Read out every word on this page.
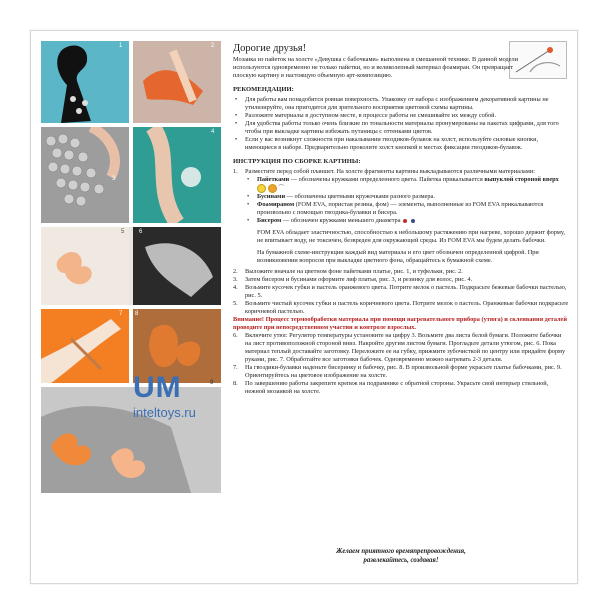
1	2
4
5 6
7 8
UM
inteltoys.ru
Дорогие друзья!

Мозаика из пайеток на холсте «Девушка с бабочками» выполнена в смешанной технике. В данной модели используются одновременно не только пайетки, но и великолепный материал фоамиран. Он превращает плоскую картину в настоящую объемную арт-композицию.

РЕКОМЕНДАЦИИ:
• Для работы вам понадобится ровная поверхность. Упаковку от набора с изображением декоративной картины не утилизируйте, она пригодится для зрительного восприятия цветовой схемы картины.
• Разложите материалы в доступном месте, в процессе работы не смешивайте их между собой.
• Для удобства работы только очень близкие по тональности материалы пронумерованы на пакетах цифрами, для того чтобы при выкладке картины избежать путаницы с оттенками цветов.
• Если у вас возникнут сложности при накалывании гвоздиков-булавок на холст, используйте силовые кнопки, имеющиеся в наборе. Предварительно проколите холст кнопкой в местах фиксации гвоздиков-булавок.
ИНСТРУКЦИЯ ПО СБОРКЕ КАРТИНЫ:
1. Разместите перед собой планшет. На холсте фрагменты картины выкладываются различными материалами:
• Пайетками — обозначены кружками определенного цвета. Пайетка прикалывается выпуклой стороной вверх   ⌒
• Бусинами — обозначены цветными кружочками разного размера.
• Фоамираном (FOM EVA, пористая резина, фом) — элементы, выполненные из FOM EVA прикалываются произвольно с помощью гвоздика-булавки и бисера.
• Бисером — обозначен кружками меньшего диаметра

FOM EVA обладает эластичностью, способностью к небольшому растяжению при нагреве, хорошо держит форму, не впитывает воду, не токсичен, безвреден для окружающей среды. Из FOM EVA мы будем делать бабочки.

На бумажной схеме-инструкции каждый вид материала и его цвет обозначен определенной цифрой. При возникновении вопросов при выкладке цветного фона, обращайтесь к бумажной схеме.

2. Выложите вначале на цветном фоне пайетками платье, рис. 1, и туфельки, рис. 2.
3. Затем бисером и бусинами оформите лиф платья, рис. 3, и резинку для волос, рис. 4.
4. Возьмите кусочек губки и пастель оранжевого цвета. Потрите мелок о пастель. Подкрасьте бежевые бабочки пастелью, рис. 5.
5. Возьмите чистый кусочек губки и пастель коричневого цвета. Потрите мелок о пастель. Оранжевые бабочки подкрасьте коричневой пастелью.

Внимание! Процесс термообработки материала при помощи нагревательного прибора (утюга) и склеивания деталей проводите при непосредственном участии и контроле взрослых.

6. Включите утюг. Регулятор температуры установите на цифру 3. Возьмите два листа белой бумаги. Положите бабочки на лист противоположной стороной вниз. Накройте другим листом бумаги. Прогладьте детали утюгом, рис. 6. Пока материал теплый доставайте заготовку. Переложите ее на губку, прижмите зубочисткой по центру или придайте форму руками, рис. 7. Обработайте все заготовки бабочек. Одновременно можно нагревать 2-3 детали.
7. На гвоздики-булавки наденьте бисеринку и бабочку, рис. 8. В произвольной форме украсьте платье бабочками, рис. 9. Ориентируйтесь на цветовое изображение на холсте.
8. По завершению работы закрепите крепеж на подрамнике с обратной стороны. Украсьте свой интерьер стильной, нежной мозаикой на холсте.
Желаем приятного времяпрепровождения,
развлекайтесь, создавая!
3
9
